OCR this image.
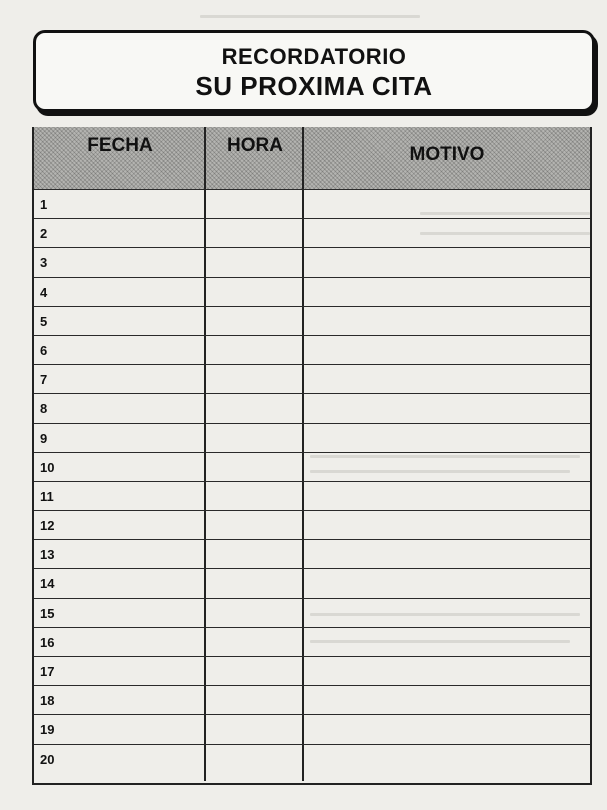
RECORDATORIO
SU PROXIMA CITA
FECHA	HORA	MOTIVO
1
2
3
4
5
6
7
8
9
10
11
12
13
14
15
16
17
18
19
20
